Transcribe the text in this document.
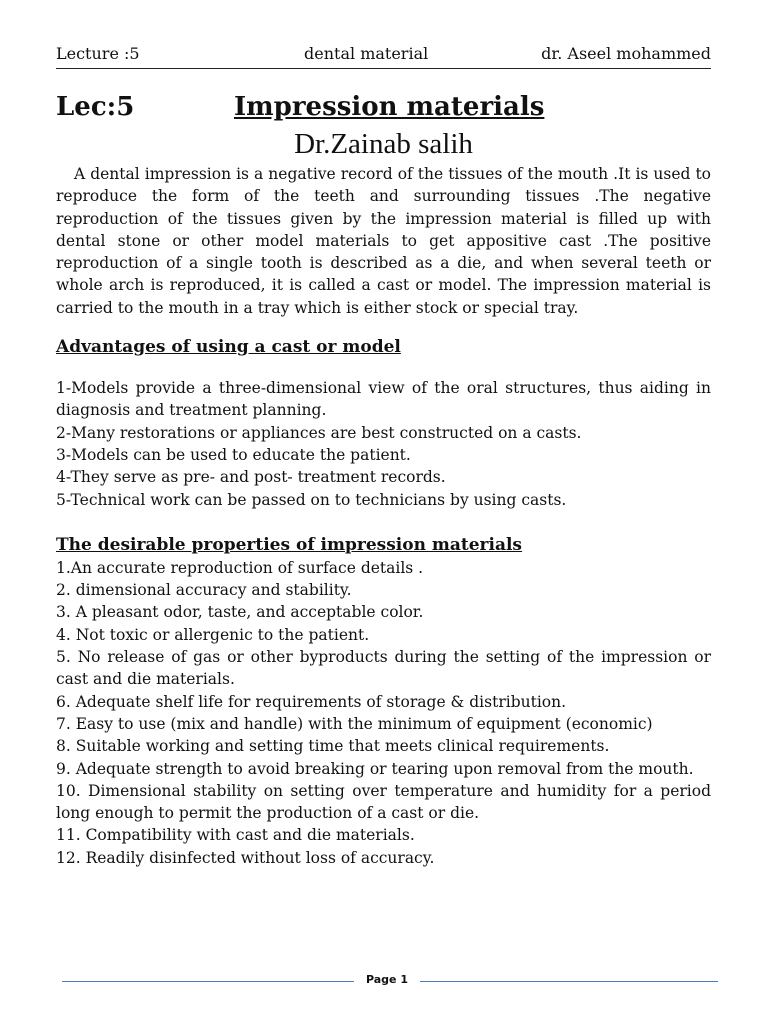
Lecture :5	dental material	dr. Aseel mohammed
Lec:5	Impression materials
Dr.Zainab salih

A dental impression is a negative record of the tissues of the mouth .It is used to reproduce the form of the teeth and surrounding tissues .The negative reproduction of the tissues given by the impression material is filled up with dental stone or other model materials to get appositive cast .The positive reproduction of a single tooth is described as a die, and when several teeth or whole arch is reproduced, it is called a cast or model. The impression material is carried to the mouth in a tray which is either stock or special tray.

Advantages of using a cast or model

1-Models provide a three-dimensional view of the oral structures, thus aiding in diagnosis and treatment planning.

2-Many restorations or appliances are best constructed on a casts.

3-Models can be used to educate the patient.

4-They serve as pre- and post- treatment records.

5-Technical work can be passed on to technicians by using casts.

The desirable properties of impression materials

1.An accurate reproduction of surface details .

2. dimensional accuracy and stability.

3. A pleasant odor, taste, and acceptable color.

4. Not toxic or allergenic to the patient.

5. No release of gas or other byproducts during the setting of the impression or cast and die materials.

6. Adequate shelf life for requirements of storage & distribution.

7. Easy to use (mix and handle) with the minimum of equipment (economic)

8. Suitable working and setting time that meets clinical requirements.

9. Adequate strength to avoid breaking or tearing upon removal from the mouth.

10. Dimensional stability on setting over temperature and humidity for a period long enough to permit the production of a cast or die.

11. Compatibility with cast and die materials.

12. Readily disinfected without loss of accuracy.

Page 1
